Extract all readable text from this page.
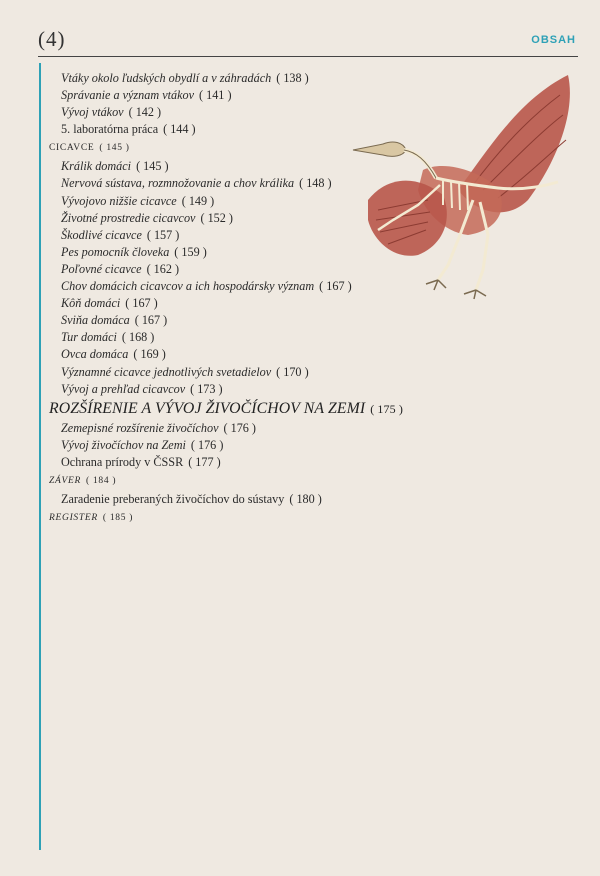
(4)	OBSAH
Vtáky okolo ľudských obydlí a v záhradách ( 138 )
Správanie a význam vtákov ( 141 )
Vývoj vtákov ( 142 )
5. laboratórna práca ( 144 )
CICAVCE ( 145 )
Králik domáci ( 145 )
Nervová sústava, rozmnožovanie a chov králika ( 148 )
Vývojovo nižšie cicavce ( 149 )
Životné prostredie cicavcov ( 152 )
Škodlivé cicavce ( 157 )
Pes pomocník človeka ( 159 )
Poľovné cicavce ( 162 )
Chov domácich cicavcov a ich hospodársky význam ( 167 )
Kôň domáci ( 167 )
Sviňa domáca ( 167 )
Tur domáci ( 168 )
Ovca domáca ( 169 )
Významné cicavce jednotlivých svetadielov ( 170 )
Vývoj a prehľad cicavcov ( 173 )
ROZŠÍRENIE A VÝVOJ ŽIVOČÍCHOV NA ZEMI ( 175 )
Zemepisné rozšírenie živočíchov ( 176 )
Vývoj živočíchov na Zemi ( 176 )
Ochrana prírody v ČSSR ( 177 )
ZÁVER ( 184 )
Zaradenie preberaných živočíchov do sústavy ( 180 )
REGISTER ( 185 )
